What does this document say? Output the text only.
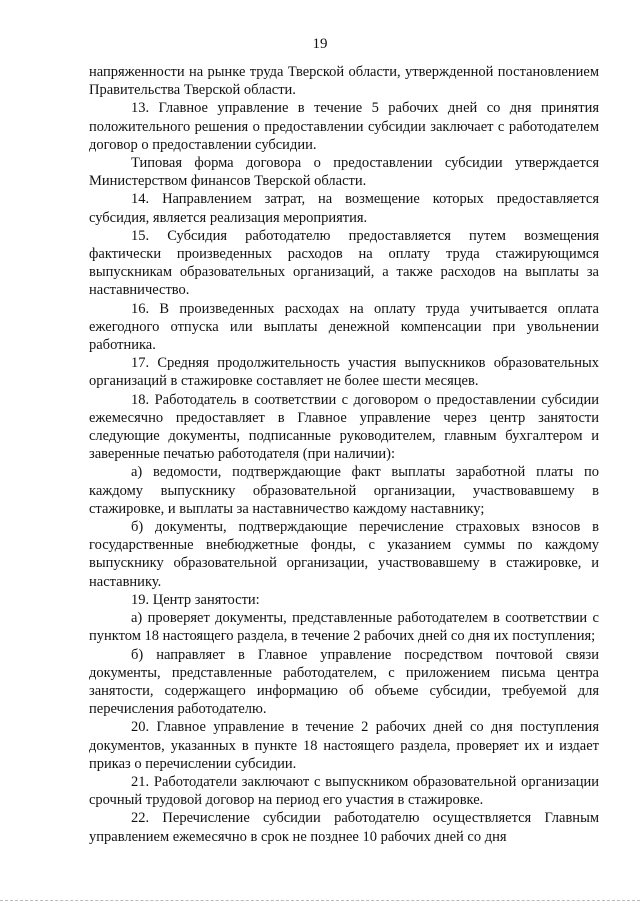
19

напряженности на рынке труда Тверской области, утвержденной постановлением Правительства Тверской области.

13. Главное управление в течение 5 рабочих дней со дня принятия положительного решения о предоставлении субсидии заключает с работодателем договор о предоставлении субсидии.

Типовая форма договора о предоставлении субсидии утверждается Министерством финансов Тверской области.

14. Направлением затрат, на возмещение которых предоставляется субсидия, является реализация мероприятия.

15. Субсидия работодателю предоставляется путем возмещения фактически произведенных расходов на оплату труда стажирующимся выпускникам образовательных организаций, а также расходов на выплаты за наставничество.

16. В произведенных расходах на оплату труда учитывается оплата ежегодного отпуска или выплаты денежной компенсации при увольнении работника.

17. Средняя продолжительность участия выпускников образовательных организаций в стажировке составляет не более шести месяцев.

18. Работодатель в соответствии с договором о предоставлении субсидии ежемесячно предоставляет в Главное управление через центр занятости следующие документы, подписанные руководителем, главным бухгалтером и заверенные печатью работодателя (при наличии):

а) ведомости, подтверждающие факт выплаты заработной платы по каждому выпускнику образовательной организации, участвовавшему в стажировке, и выплаты за наставничество каждому наставнику;

б) документы, подтверждающие перечисление страховых взносов в государственные внебюджетные фонды, с указанием суммы по каждому выпускнику образовательной организации, участвовавшему в стажировке, и наставнику.

19. Центр занятости:

а) проверяет документы, представленные работодателем в соответствии с пунктом 18 настоящего раздела, в течение 2 рабочих дней со дня их поступления;

б) направляет в Главное управление посредством почтовой связи документы, представленные работодателем, с приложением письма центра занятости, содержащего информацию об объеме субсидии, требуемой для перечисления работодателю.

20. Главное управление в течение 2 рабочих дней со дня поступления документов, указанных в пункте 18 настоящего раздела, проверяет их и издает приказ о перечислении субсидии.

21. Работодатели заключают с выпускником образовательной организации срочный трудовой договор на период его участия в стажировке.

22. Перечисление субсидии работодателю осуществляется Главным управлением ежемесячно в срок не позднее 10 рабочих дней со дня
